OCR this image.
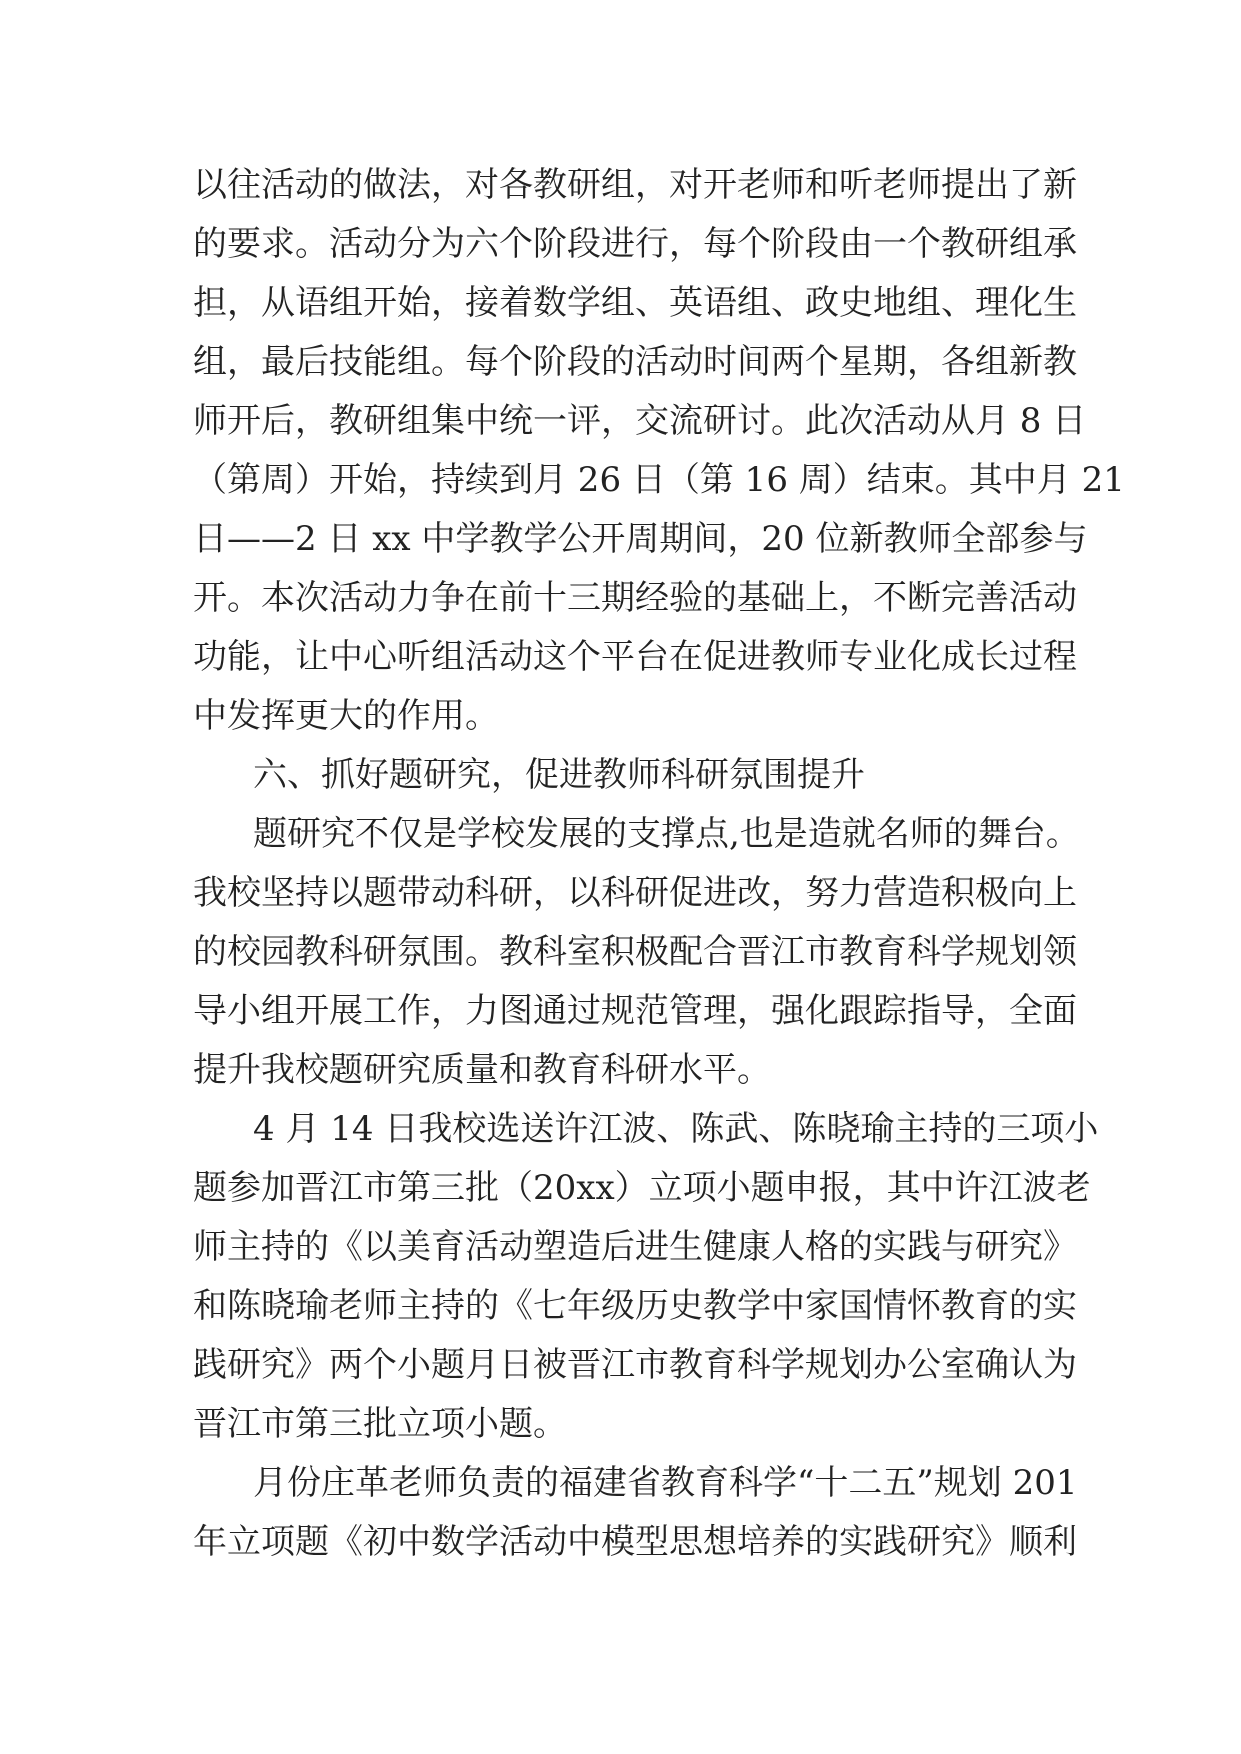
以往活动的做法，对各教研组，对开老师和听老师提出了新
的要求。活动分为六个阶段进行，每个阶段由一个教研组承
担，从语组开始，接着数学组、英语组、政史地组、理化生
组，最后技能组。每个阶段的活动时间两个星期，各组新教
师开后，教研组集中统一评，交流研讨。此次活动从月 8 日
（第周）开始，持续到月 26 日（第 16 周）结束。其中月 21
日——2 日 xx 中学教学公开周期间，20 位新教师全部参与
开。本次活动力争在前十三期经验的基础上，不断完善活动
功能，让中心听组活动这个平台在促进教师专业化成长过程
中发挥更大的作用。
六、抓好题研究，促进教师科研氛围提升
题研究不仅是学校发展的支撑点,也是造就名师的舞台。
我校坚持以题带动科研，以科研促进改，努力营造积极向上
的校园教科研氛围。教科室积极配合晋江市教育科学规划领
导小组开展工作，力图通过规范管理，强化跟踪指导，全面
提升我校题研究质量和教育科研水平。
4 月 14 日我校选送许江波、陈武、陈晓瑜主持的三项小
题参加晋江市第三批（20xx）立项小题申报，其中许江波老
师主持的《以美育活动塑造后进生健康人格的实践与研究》
和陈晓瑜老师主持的《七年级历史教学中家国情怀教育的实
践研究》两个小题月日被晋江市教育科学规划办公室确认为
晋江市第三批立项小题。
月份庄革老师负责的福建省教育科学“十二五”规划 201
年立项题《初中数学活动中模型思想培养的实践研究》顺利
